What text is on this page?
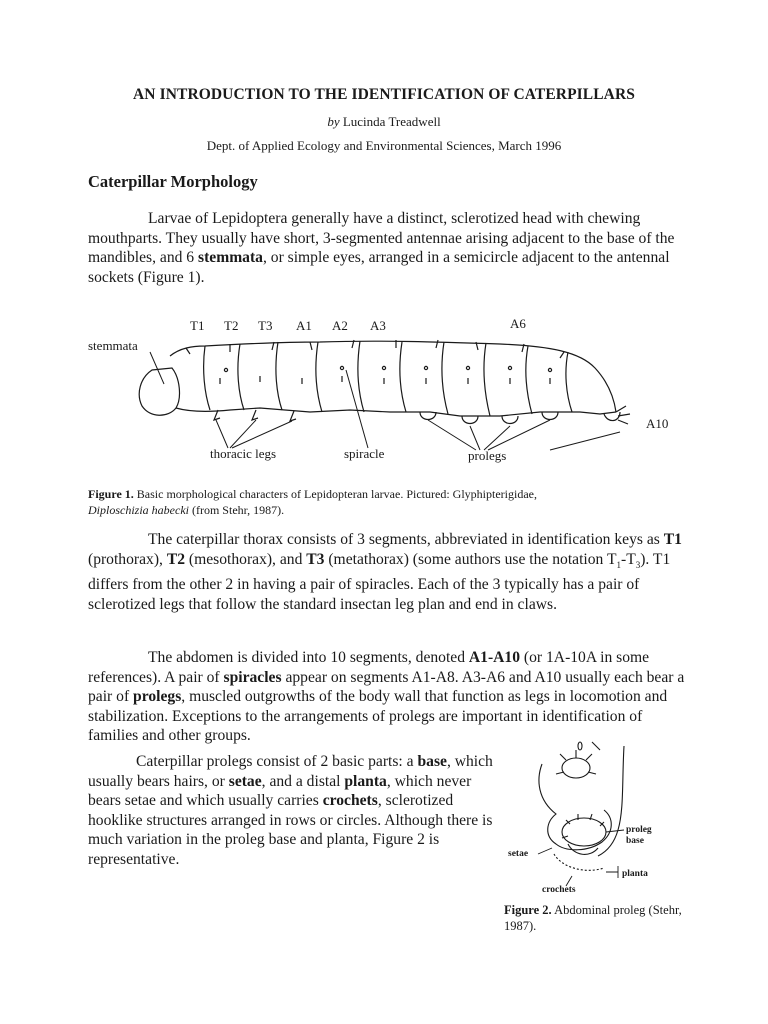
AN INTRODUCTION TO THE IDENTIFICATION OF CATERPILLARS
by Lucinda Treadwell
Dept. of Applied Ecology and Environmental Sciences, March 1996
Caterpillar Morphology
Larvae of Lepidoptera generally have a distinct, sclerotized head with chewing mouthparts. They usually have short, 3-segmented antennae arising adjacent to the base of the mandibles, and 6 stemmata, or simple eyes, arranged in a semicircle adjacent to the antennal sockets (Figure 1).
T1 T2 T3 A1 A2 A3	A6
A10
stemmata
thoracic legs	spiracle	prolegs
Figure 1. Basic morphological characters of Lepidopteran larvae. Pictured: Glyphipterigidae,
Diploschizia habecki (from Stehr, 1987).
The caterpillar thorax consists of 3 segments, abbreviated in identification keys as T1 (prothorax), T2 (mesothorax), and T3 (metathorax) (some authors use the notation $T_1-T_3$). T1 differs from the other 2 in having a pair of spiracles. Each of the 3 typically has a pair of sclerotized legs that follow the standard insectan leg plan and end in claws.
The abdomen is divided into 10 segments, denoted A1-A10 (or 1A-10A in some references). A pair of spiracles appear on segments A1-A8. A3-A6 and A10 usually each bear a pair of prolegs, muscled outgrowths of the body wall that function as legs in locomotion and stabilization. Exceptions to the arrangements of prolegs are important in identification of families and other groups.
Caterpillar prolegs consist of 2 basic parts: a base, which usually bears hairs, or setae, and a distal planta, which never bears setae and which usually carries crochets, sclerotized hooklike structures arranged in rows or circles. Although there is much variation in the proleg base and planta, Figure 2 is representative.
proleg
base
setae
planta
crochets
Figure 2. Abdominal proleg (Stehr, 1987).
